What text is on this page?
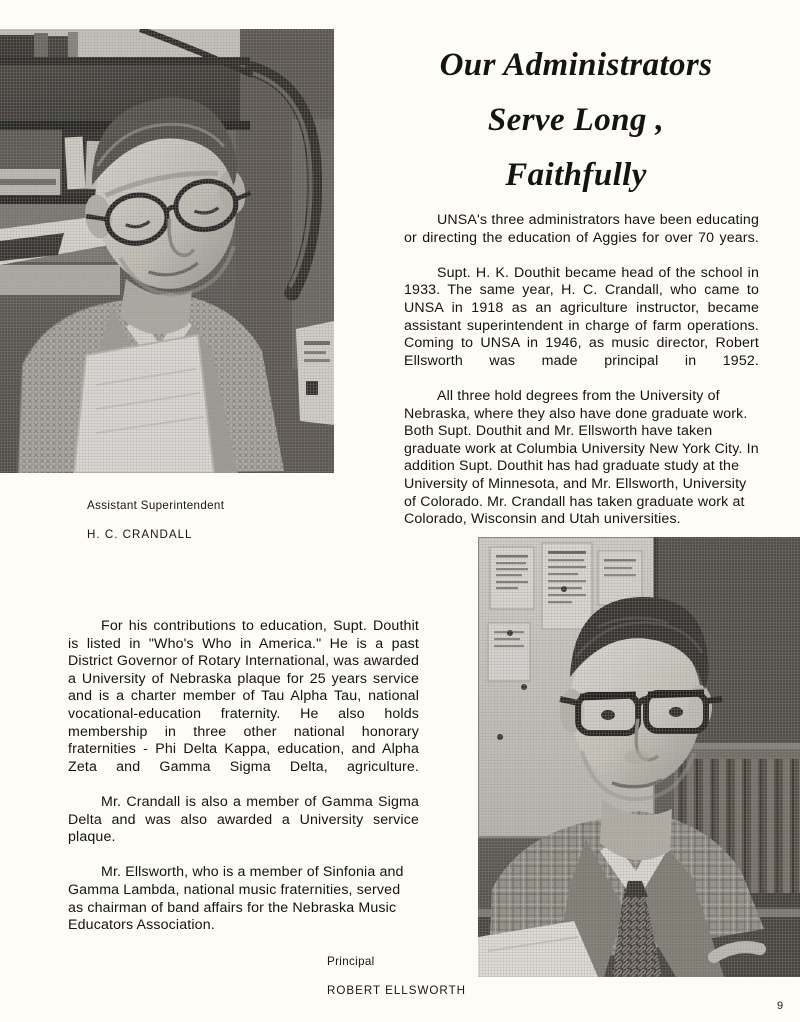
Our Administrators
Serve Long ,
Faithfully

UNSA's three administrators have been educating or directing the education of Aggies for over 70 years.

Supt. H. K. Douthit became head of the school in 1933. The same year, H. C. Crandall, who came to UNSA in 1918 as an agriculture instructor, became assistant superintendent in charge of farm operations. Coming to UNSA in 1946, as music director, Robert Ellsworth was made principal in 1952.

All three hold degrees from the University of Nebraska, where they also have done graduate work. Both Supt. Douthit and Mr. Ellsworth have taken graduate work at Columbia University New York City. In addition Supt. Douthit has had graduate study at the University of Minnesota, and Mr. Ellsworth, University of Colorado. Mr. Crandall has taken graduate work at Colorado, Wisconsin and Utah universities.

Assistant Superintendent

H. C. CRANDALL

For his contributions to education, Supt. Douthit is listed in "Who's Who in America." He is a past District Governor of Rotary International, was awarded a University of Nebraska plaque for 25 years service and is a charter member of Tau Alpha Tau, national vocational-education fraternity. He also holds membership in three other national honorary fraternities - Phi Delta Kappa, education, and Alpha Zeta and Gamma Sigma Delta, agriculture.

Mr. Crandall is also a member of Gamma Sigma Delta and was also awarded a University service plaque.

Mr. Ellsworth, who is a member of Sinfonia and Gamma Lambda, national music fraternities, served as chairman of band affairs for the Nebraska Music Educators Association.

Principal

ROBERT ELLSWORTH

9
